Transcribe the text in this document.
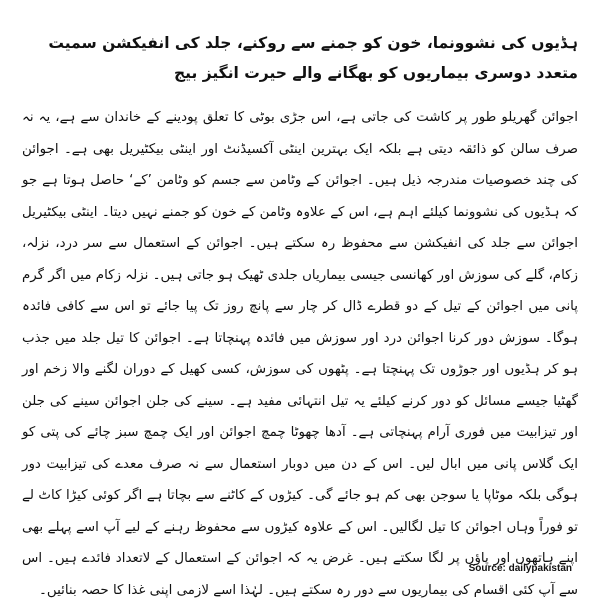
ہڈیوں کی نشوونما، خون کو جمنے سے روکنے، جلد کی انفیکشن سمیت متعدد دوسری بیماریوں کو بھگانے والے حیرت انگیز بیج

اجوائن گھریلو طور پر کاشت کی جاتی ہے، اس جڑی بوٹی کا تعلق پودینے کے خاندان سے ہے، یہ نہ صرف سالن کو ذائقہ دیتی ہے بلکہ ایک بہترین اینٹی آکسیڈنٹ اور اینٹی بیکٹیریل بھی ہے۔ اجوائن کی چند خصوصیات مندرجہ ذیل ہیں۔ اجوائن کے وٹامن سے جسم کو وٹامن ’کے‘ حاصل ہوتا ہے جو کہ ہڈیوں کی نشوونما کیلئے اہم ہے، اس کے علاوہ وٹامن کے خون کو جمنے نہیں دیتا۔ اینٹی بیکٹیریل اجوائن سے جلد کی انفیکشن سے محفوظ رہ سکتے ہیں۔ اجوائن کے استعمال سے سر درد، نزلہ، زکام، گلے کی سوزش اور کھانسی جیسی بیماریاں جلدی ٹھیک ہو جاتی ہیں۔ نزلہ زکام میں اگر گرم پانی میں اجوائن کے تیل کے دو قطرے ڈال کر چار سے پانچ روز تک پیا جائے تو اس سے کافی فائدہ ہوگا۔ سوزش دور کرنا اجوائن درد اور سوزش میں فائدہ پہنچاتا ہے۔ اجوائن کا تیل جلد میں جذب ہو کر ہڈیوں اور جوڑوں تک پہنچتا ہے۔ پٹھوں کی سوزش، کسی کھیل کے دوران لگنے والا زخم اور گھٹیا جیسے مسائل کو دور کرنے کیلئے یہ تیل انتہائی مفید ہے۔ سینے کی جلن اجوائن سینے کی جلن اور تیزابیت میں فوری آرام پہنچاتی ہے۔ آدھا چھوٹا چمچ اجوائن اور ایک چمچ سبز چائے کی پتی کو ایک گلاس پانی میں ابال لیں۔ اس کے دن میں دوبار استعمال سے نہ صرف معدے کی تیزابیت دور ہوگی بلکہ موٹاپا یا سوجن بھی کم ہو جائے گی۔ کیڑوں کے کاٹنے سے بچاتا ہے اگر کوئی کیڑا کاٹ لے تو فوراً وہاں اجوائن کا تیل لگالیں۔ اس کے علاوہ کیڑوں سے محفوظ رہنے کے لیے آپ اسے پہلے بھی اپنے ہاتھوں اور پاؤں پر لگا سکتے ہیں۔ غرض یہ کہ اجوائن کے استعمال کے لاتعداد فائدے ہیں۔ اس سے آپ کئی اقسام کی بیماریوں سے دور رہ سکتے ہیں۔ لہٰذا اسے لازمی اپنی غذا کا حصہ بنائیں۔

Source: dailypakistan
